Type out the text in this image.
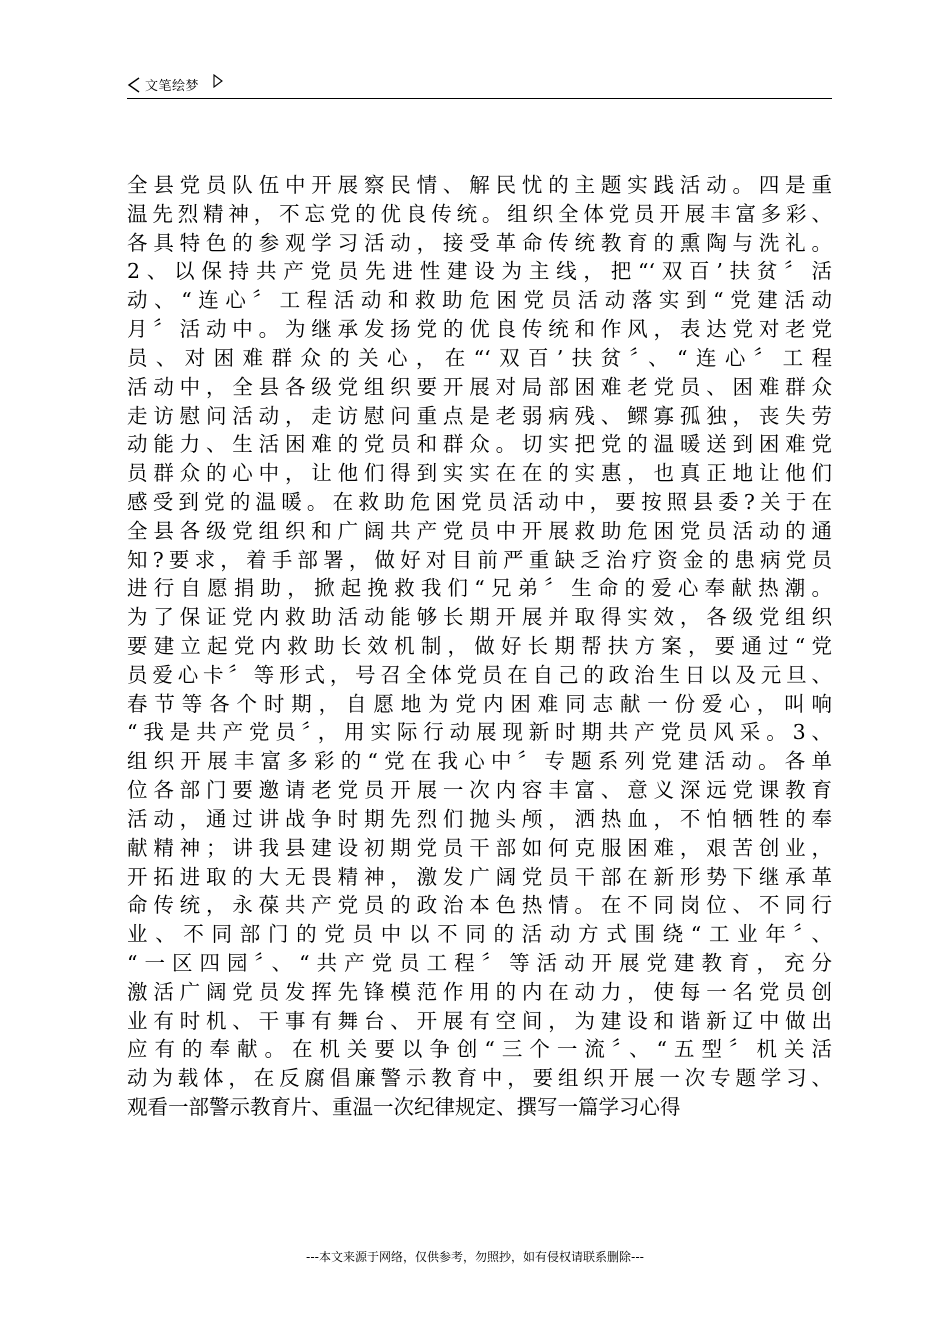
文笔绘梦
全县党员队伍中开展察民情、解民忧的主题实践活动。四是重
温先烈精神，不忘党的优良传统。组织全体党员开展丰富多彩、
各具特色的参观学习活动，接受革命传统教育的熏陶与洗礼。
2、以保持共产党员先进性建设为主线，把“‘双百’扶贫〞活
动、“连心〞工程活动和救助危困党员活动落实到“党建活动
月〞活动中。为继承发扬党的优良传统和作风，表达党对老党
员、对困难群众的关心，在“‘双百’扶贫〞、“连心〞工程
活动中，全县各级党组织要开展对局部困难老党员、困难群众
走访慰问活动，走访慰问重点是老弱病残、鳏寡孤独，丧失劳
动能力、生活困难的党员和群众。切实把党的温暖送到困难党
员群众的心中，让他们得到实实在在的实惠，也真正地让他们
感受到党的温暖。在救助危困党员活动中，要按照县委?关于在
全县各级党组织和广阔共产党员中开展救助危困党员活动的通
知?要求，着手部署，做好对目前严重缺乏治疗资金的患病党员
进行自愿捐助，掀起挽救我们“兄弟〞生命的爱心奉献热潮。
为了保证党内救助活动能够长期开展并取得实效，各级党组织
要建立起党内救助长效机制，做好长期帮扶方案，要通过“党
员爱心卡〞等形式，号召全体党员在自己的政治生日以及元旦、
春节等各个时期，自愿地为党内困难同志献一份爱心，叫响
“我是共产党员〞，用实际行动展现新时期共产党员风采。3、
组织开展丰富多彩的“党在我心中〞专题系列党建活动。各单
位各部门要邀请老党员开展一次内容丰富、意义深远党课教育
活动，通过讲战争时期先烈们抛头颅，洒热血，不怕牺牲的奉
献精神；讲我县建设初期党员干部如何克服困难，艰苦创业，
开拓进取的大无畏精神，激发广阔党员干部在新形势下继承革
命传统，永葆共产党员的政治本色热情。在不同岗位、不同行
业、不同部门的党员中以不同的活动方式围绕“工业年〞、
“一区四园〞、“共产党员工程〞等活动开展党建教育，充分
激活广阔党员发挥先锋模范作用的内在动力，使每一名党员创
业有时机、干事有舞台、开展有空间，为建设和谐新辽中做出
应有的奉献。在机关要以争创“三个一流〞、“五型〞机关活
动为载体，在反腐倡廉警示教育中，要组织开展一次专题学习、
观看一部警示教育片、重温一次纪律规定、撰写一篇学习心得
---本文来源于网络，仅供参考，勿照抄，如有侵权请联系删除---
